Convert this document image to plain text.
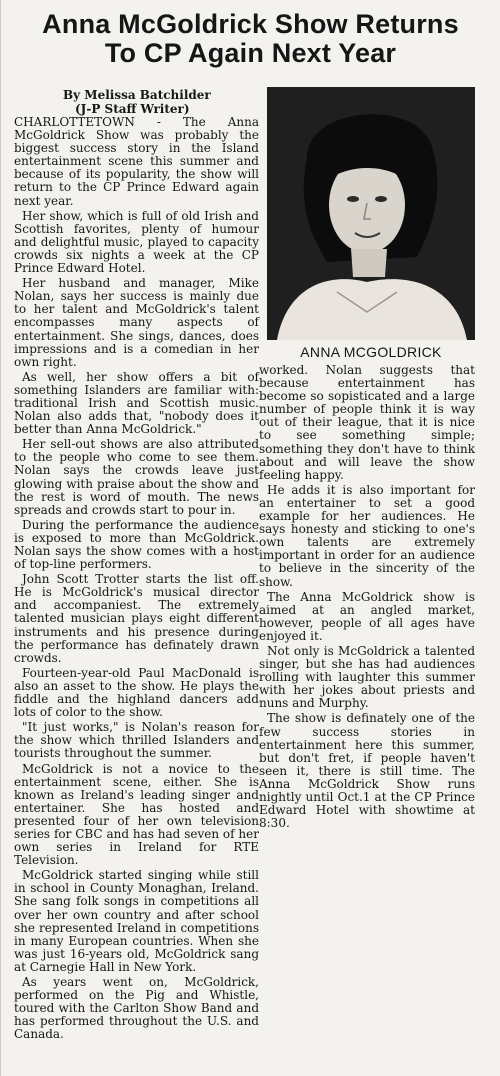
Anna McGoldrick Show Returns
To CP Again Next Year
By Melissa Batchilder
(J-P Staff Writer)

CHARLOTTETOWN - The Anna McGoldrick Show was probably the biggest success story in the Island entertainment scene this summer and because of its popularity, the show will return to the CP Prince Edward again next year.

Her show, which is full of old Irish and Scottish favorites, plenty of humour and delightful music, played to capacity crowds six nights a week at the CP Prince Edward Hotel.

Her husband and manager, Mike Nolan, says her success is mainly due to her talent and McGoldrick's talent encompasses many aspects of entertainment. She sings, dances, does impressions and is a comedian in her own right.

As well, her show offers a bit of something Islanders are familiar with: traditional Irish and Scottish music. Nolan also adds that, "nobody does it better than Anna McGoldrick."

Her sell-out shows are also attributed to the people who come to see them. Nolan says the crowds leave just glowing with praise about the show and the rest is word of mouth. The news spreads and crowds start to pour in.

During the performance the audience is exposed to more than McGoldrick. Nolan says the show comes with a host of top-line performers.

John Scott Trotter starts the list off. He is McGoldrick's musical director and accompaniest. The extremely talented musician plays eight different instruments and his presence during the performance has definately drawn crowds.

Fourteen-year-old Paul MacDonald is also an asset to the show. He plays the fiddle and the highland dancers add lots of color to the show.

"It just works," is Nolan's reason for the show which thrilled Islanders and tourists throughout the summer.

McGoldrick is not a novice to the entertainment scene, either. She is known as Ireland's leading singer and entertainer. She has hosted and presented four of her own television series for CBC and has had seven of her own series in Ireland for RTE Television.

McGoldrick started singing while still in school in County Monaghan, Ireland. She sang folk songs in competitions all over her own country and after school she represented Ireland in competitions in many European countries. When she was just 16-years old, McGoldrick sang at Carnegie Hall in New York.

As years went on, McGoldrick, performed on the Pig and Whistle, toured with the Carlton Show Band and has performed throughout the U.S. and Canada.

ANNA MCGOLDRICK

worked. Nolan suggests that because entertainment has become so sopisticated and a large number of people think it is way out of their league, that it is nice to see something simple; something they don't have to think about and will leave the show feeling happy.

He adds it is also important for an entertainer to set a good example for her audiences. He says honesty and sticking to one's own talents are extremely important in order for an audience to believe in the sincerity of the show.

The Anna McGoldrick show is aimed at an angled market, however, people of all ages have enjoyed it.

Not only is McGoldrick a talented singer, but she has had audiences rolling with laughter this summer with her jokes about priests and nuns and Murphy.

The show is definately one of the few success stories in entertainment here this summer, but don't fret, if people haven't seen it, there is still time. The Anna McGoldrick Show runs nightly until Oct.1 at the CP Prince Edward Hotel with showtime at 8:30.
